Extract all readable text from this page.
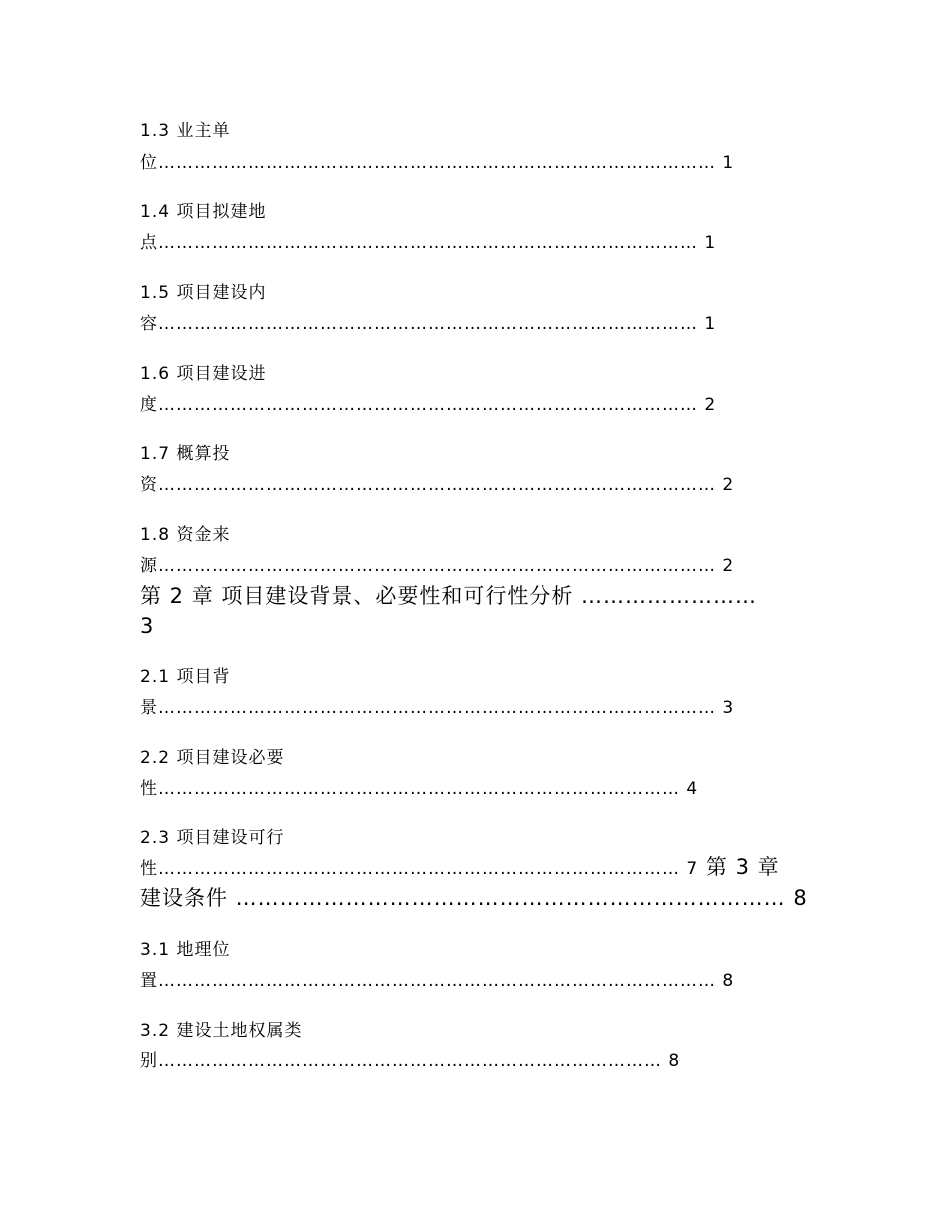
1.3 业主单
位………………………………………………………………………………… 1
1.4 项目拟建地
点……………………………………………………………………………… 1
1.5 项目建设内
容……………………………………………………………………………… 1
1.6 项目建设进
度……………………………………………………………………………… 2
1.7 概算投
资………………………………………………………………………………… 2
1.8 资金来
源………………………………………………………………………………… 2
第 2 章 项目建设背景、必要性和可行性分析 ……………………
3
2.1 项目背
景………………………………………………………………………………… 3
2.2 项目建设必要
性…………………………………………………………………………… 4
2.3 项目建设可行
性…………………………………………………………………………… 7 第 3 章
建设条件 ………………………………………………………………… 8
3.1 地理位
置………………………………………………………………………………… 8
3.2 建设土地权属类
别………………………………………………………………………… 8
